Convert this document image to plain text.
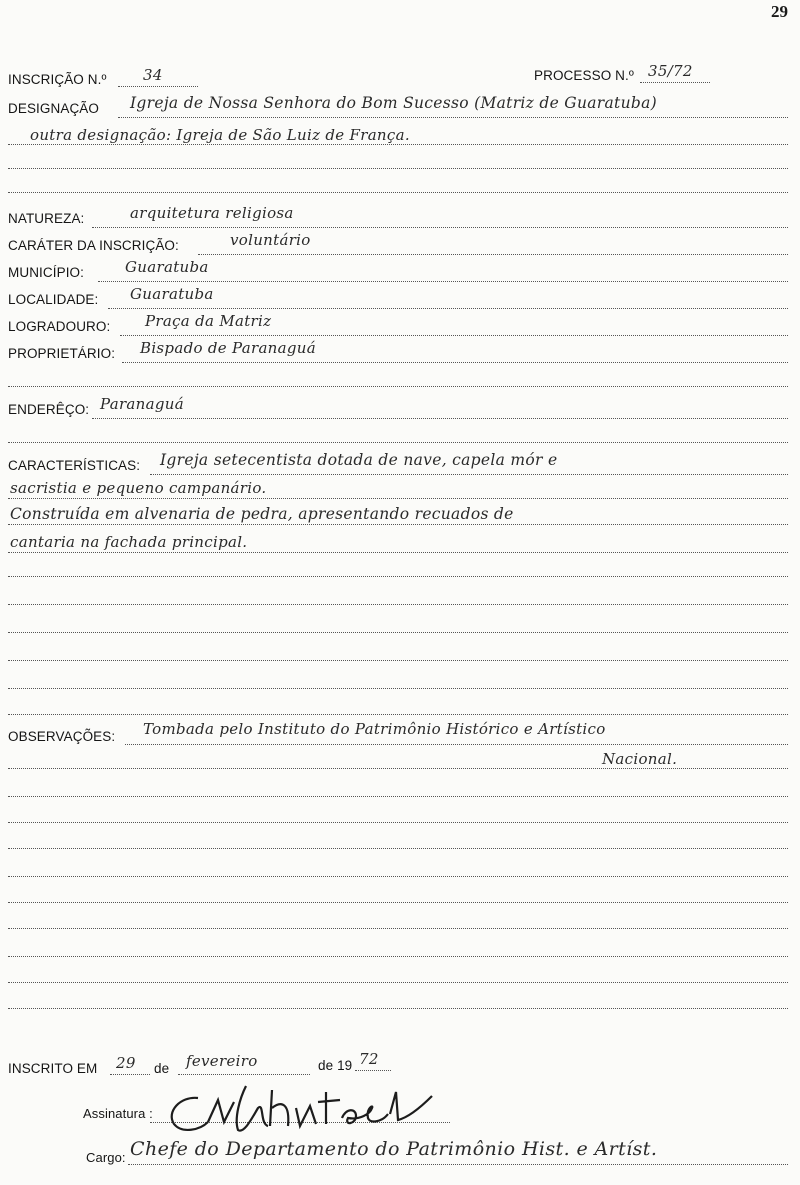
29
INSCRIÇÃO N.º 34	PROCESSO N.º 35/72
DESIGNAÇÃO Igreja de Nossa Senhora do Bom Sucesso (Matriz de Guaratuba)
outra designação: Igreja de São Luiz de França.
NATUREZA:	arquitetura religiosa
CARÁTER DA INSCRIÇÃO:	voluntário
MUNICÍPIO:	Guaratuba
LOCALIDADE: Guaratuba
LOGRADOURO: Praça da Matriz
PROPRIETÁRIO: Bispado de Paranaguá
ENDERÊÇO: Paranaguá
CARACTERÍSTICAS: Igreja setecentista dotada de nave, capela mór e
sacristia e pequeno campanário.
Construída em alvenaria de pedra, apresentando recuados de
cantaria na fachada principal.
OBSERVAÇÕES: Tombada pelo Instituto do Patrimônio Histórico e Artístico
Nacional.
INSCRITO EM 29 de fevereiro	de 19 72
Assinatura :
Cargo: Chefe do Departamento do Patrimônio Hist. e Artíst.
